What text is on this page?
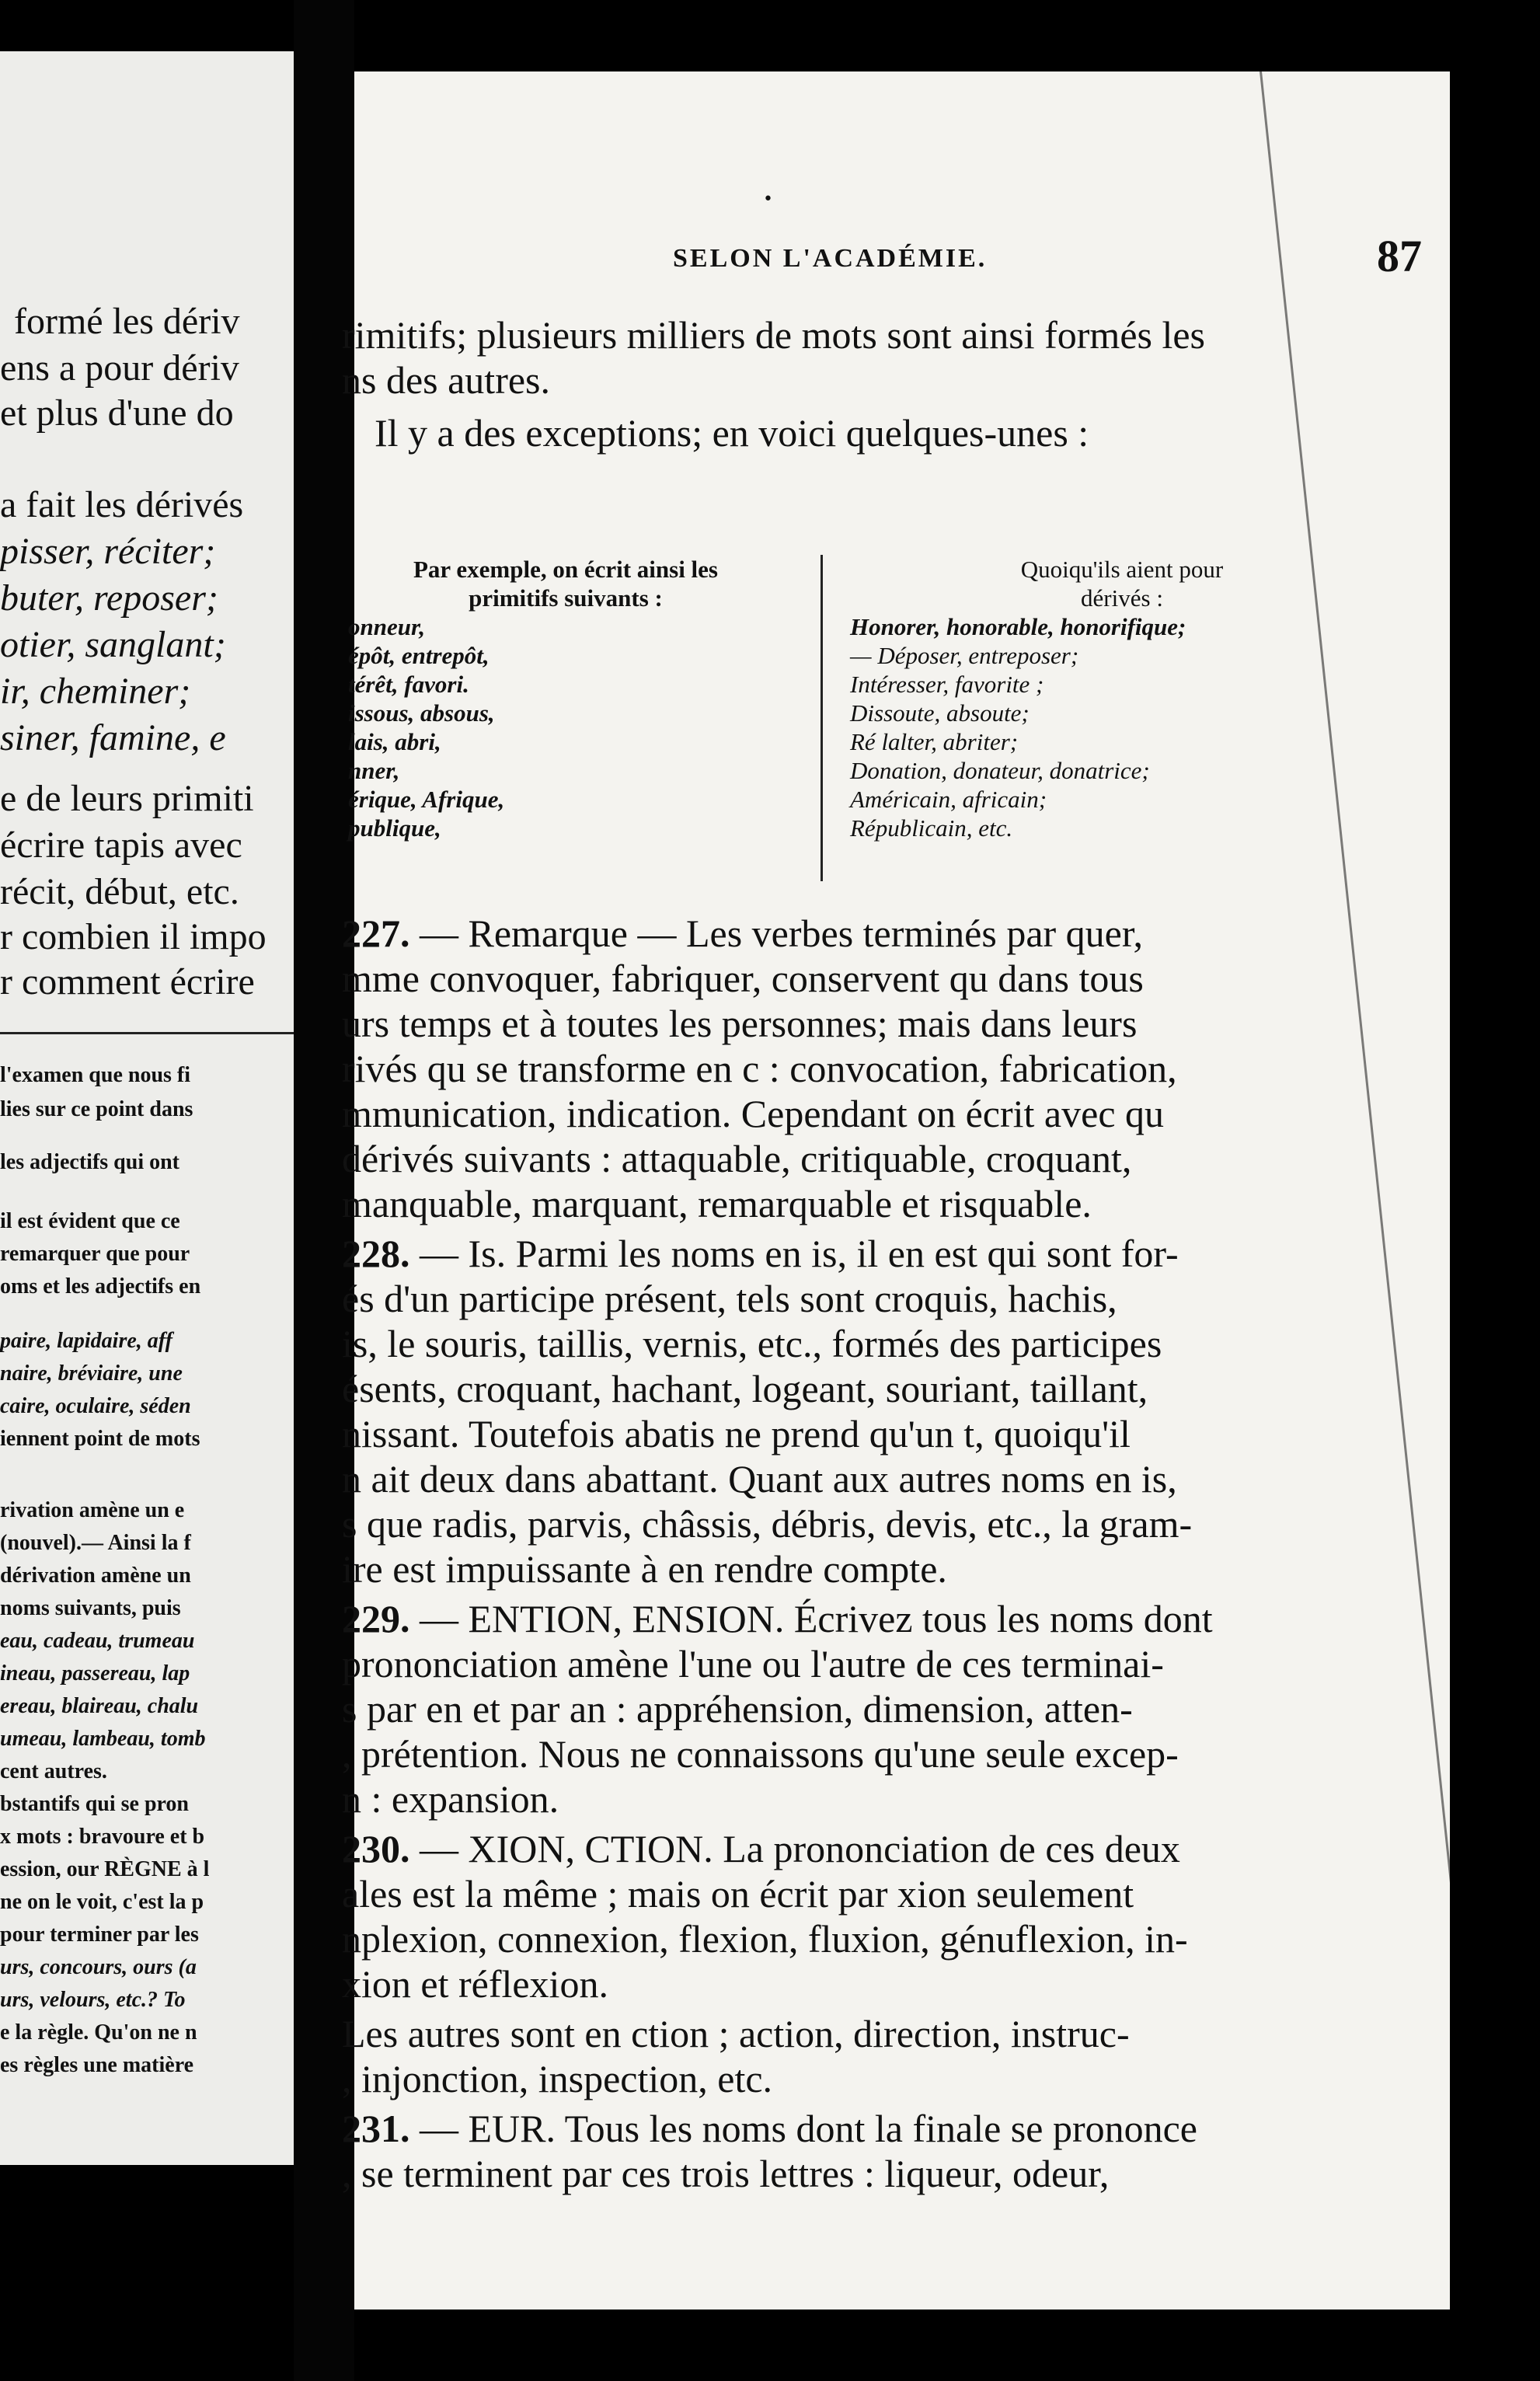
formé les dériv
ens a pour dériv
et plus d'une do
a fait les dérivés
pisser, réciter;
buter, reposer;
otier, sanglant;
ir, cheminer;
siner, famine, e
e de leurs primiti
écrire tapis avec
récit, début, etc.
r combien il impo
r comment écrire
l'examen que nous fi
lies sur ce point dans
les adjectifs qui ont
il est évident que ce
remarquer que pour
oms et les adjectifs en
paire, lapidaire, aff
naire, bréviaire, une
caire, oculaire, séden
iennent point de mots
rivation amène un e
(nouvel).— Ainsi la f
dérivation amène un
noms suivants, puis
eau, cadeau, trumeau
ineau, passereau, lap
ereau, blaireau, chalu
umeau, lambeau, tomb
cent autres.
bstantifs qui se pron
x mots : bravoure et b
ession, our RÈGNE à l
ne on le voit, c'est la p
pour terminer par les
urs, concours, ours (a
urs, velours, etc.? To
e la règle. Qu'on ne n
es règles une matière
•
SELON L'ACADÉMIE.	87
rimitifs; plusieurs milliers de mots sont ainsi formés les
ns des autres.
Il y a des exceptions; en voici quelques-unes :
Par exemple, on écrit ainsi les
primitifs suivants :
onneur,
épôt, entrepôt,
térêt, favori.
issous, absous,
lais, abri,
nner,
érique, Afrique,
publique,
Quoiqu'ils aient pour
dérivés :
Honorer, honorable, honorifique;
— Déposer, entreposer;
Intéresser, favorite ;
Dissoute, absoute;
Ré lalter, abriter;
Donation, donateur, donatrice;
Américain, africain;
Républicain, etc.
227. — Remarque — Les verbes terminés par quer,
mme convoquer, fabriquer, conservent qu dans tous
urs temps et à toutes les personnes; mais dans leurs
rivés qu se transforme en c : convocation, fabrication,
mmunication, indication. Cependant on écrit avec qu
dérivés suivants : attaquable, critiquable, croquant,
manquable, marquant, remarquable et risquable.
228. — Is. Parmi les noms en is, il en est qui sont for-
és d'un participe présent, tels sont croquis, hachis,
is, le souris, taillis, vernis, etc., formés des participes
ésents, croquant, hachant, logeant, souriant, taillant,
nissant. Toutefois abatis ne prend qu'un t, quoiqu'il
n ait deux dans abattant. Quant aux autres noms en is,
s que radis, parvis, châssis, débris, devis, etc., la gram-
ire est impuissante à en rendre compte.
229. — ENTION, ENSION. Écrivez tous les noms dont
prononciation amène l'une ou l'autre de ces terminai-
s par en et par an : appréhension, dimension, atten-
, prétention. Nous ne connaissons qu'une seule excep-
n : expansion.
230. — XION, CTION. La prononciation de ces deux
ales est la même ; mais on écrit par xion seulement
nplexion, connexion, flexion, fluxion, génuflexion, in-
xion et réflexion.
Les autres sont en ction ; action, direction, instruc-
, injonction, inspection, etc.
231. — EUR. Tous les noms dont la finale se prononce
, se terminent par ces trois lettres : liqueur, odeur,
